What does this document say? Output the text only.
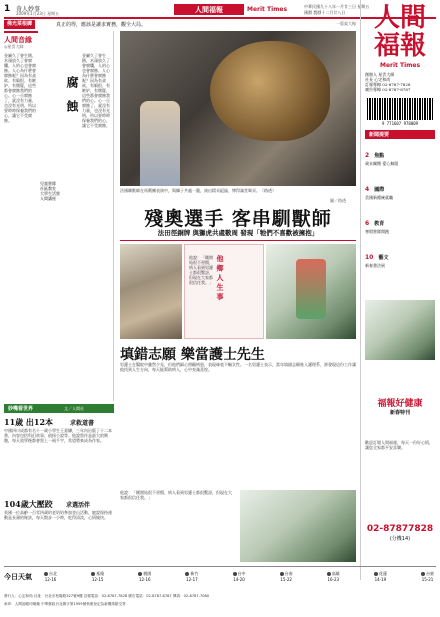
1 奇人妙事
2009年1月23日 星期五	人間福報	Merit Times	中華民國九十八年一月廿三日 星期五
國曆 農曆十二月廿八日
佛光菜根譚	真正的得，應該是讓求實務，觀全大局。	一版索大線
人間音緣
◎星雲大師
腐 蝕
金屬久了會生銹，木頭放久了會腐爛，人的心也會腐蝕。人心為什麼會腐蝕呢？因為有貪欲、有瞋恨、有嫉妒、有懷疑，這些都會腐蝕我們的心。心一旦腐蝕了，就沒有力量，也沒有光明，所以要時時保養我們的心，讓它不受腐蝕。
金屬久了會生銹，木頭放久了會腐爛，人的心也會腐蝕。人心為什麼會腐蝕呢？因為有貪欲、有瞋恨、有嫉妒、有懷疑，這些都會腐蝕我們的心。心一旦腐蝕了，就沒有力量，也沒有光明，所以要時時保養我們的心，讓它不受腐蝕。
兒童營隊
社區教室
大學生活營
人間講座
妙嘴看世界	文／人間社
11歲 出12本	求救道書
中國四川成都有名十一歲小學生王嘉驊，三年內出版了十二本書，內容包括科幻故事、偵探小說等。他說寫作是最大的興趣，每天放學後都會寫上一兩千字，希望將來成為作家。
104歲大壓跤 求選活伴
英國一位高齡一百零四歲的老奶奶參加登山活動，她說保持運動是長壽的秘訣，每天散步一小時，吃得清淡，心情愉快。
法國馴獸師在馬戲團表演中，與獅子共處一籠，演出精采絕倫，博得滿堂喝采。（路透）
圖／路透
殘奧選手 客串馴獸師
法田徑銅牌 與獅虎共處數周 發現「牠們不喜歡被擁抱」
他 鄉 人 生 事
他說：「剛開始很不習慣，病人看到男護士都很驚訝，但現在大家都很信任我。」
填錯志願 樂當護士先生
男護士在醫院中雖然少見，但他們細心照顧病患，表現絲毫不輸女性。一名男護士表示，當年填錯志願進入護理系，卻發現這份工作讓他找到人生方向，每天能幫助病人，心中充滿喜悅。
他說：「剛開始很不習慣，病人看到男護士都很驚訝，但現在大家都很信任我。」
人間福報
Merit Times
創辦人 星雲大師
社長 心定和尚
訂報專線 02-8787-7828
廣告專線 02-8787-8787
9 771607 978009
新聞提要
2 焦點
歲末關懷 愛心無限
4 國際
美國新總統就職
6 教育
寒假營隊開跑
10 藝文
新春書法展
福報好健康
新春特刊
歡迎訂閱人間福報，每天一份好心情，讓您全家都平安喜樂。
02-87877828
(分機14)
今日天氣	台北
12-16
基隆
12-15
桃園
12-16
新竹
12-17
台中
14-20
台南
15-22
高雄
16-23
花蓮
14-19
台東
15-21
發行人：心定和尚 社址：台北市松隆路327號9樓 訂報電話：02-8787-7828 廣告電話：02-8787-8787 傳真：02-8787-7080
承印：人間福報印刷廠 中華郵政台北雜字第1959號執照登記為新聞紙類交寄
